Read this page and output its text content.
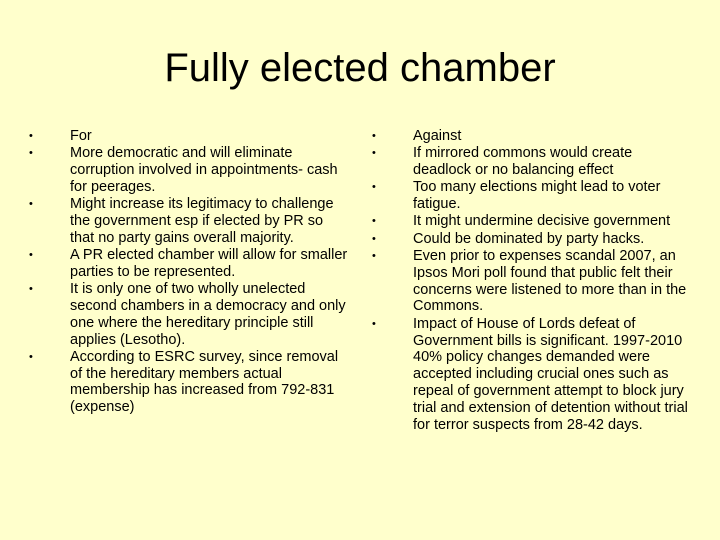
Fully elected chamber
•	For
•	More democratic and will eliminate corruption involved in appointments- cash for peerages.
•	Might increase its legitimacy to challenge the government esp if elected by PR so that no party gains overall majority.
•	A PR elected chamber will allow for smaller parties to be represented.
•	It is only one of two wholly unelected second chambers in a democracy and only one where the hereditary principle still applies (Lesotho).
•	According to ESRC survey, since removal of the hereditary members actual membership has increased from 792-831 (expense)
•	Against
•	If mirrored commons would create deadlock or no balancing effect
•	Too many elections might lead to voter fatigue.
•	It might undermine decisive government
•	Could be dominated by party hacks.
•	Even prior to expenses scandal 2007, an Ipsos Mori poll found that public felt their concerns were listened to more than in the Commons.
•	Impact of House of Lords defeat of Government bills is significant. 1997-2010 40% policy changes demanded were accepted including crucial ones such as repeal of government attempt to block jury trial and extension of detention without trial for terror suspects from 28-42 days.
